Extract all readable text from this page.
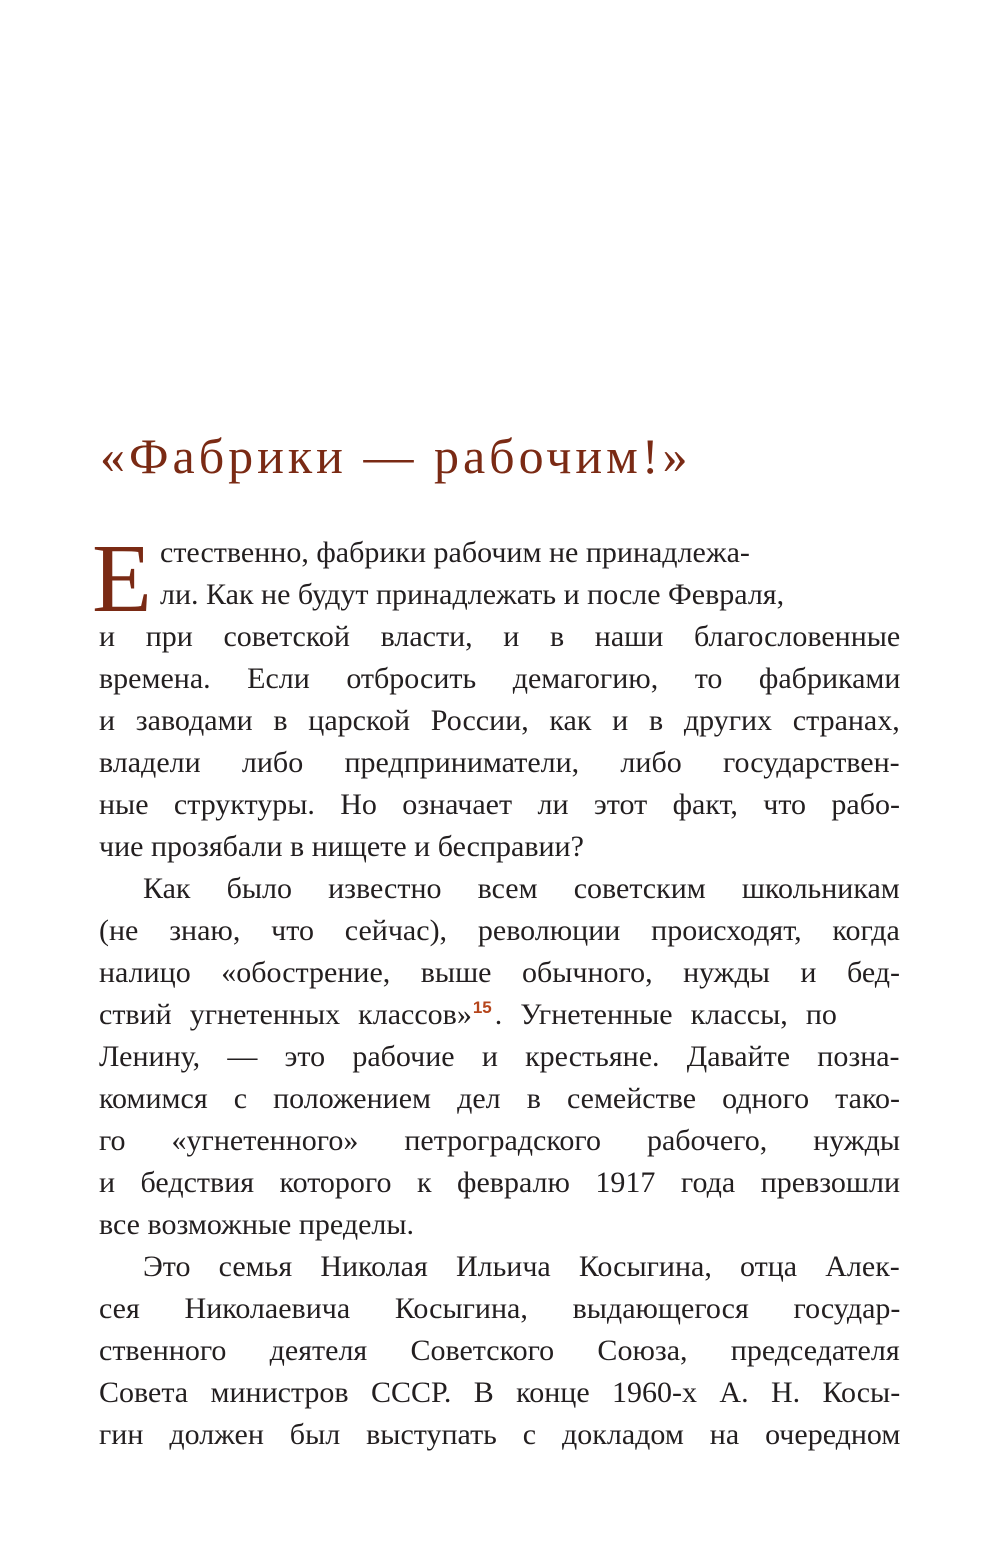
«Фабрики — рабочим!»
Е стественно, фабрики рабочим не принадлежа-
ли. Как не будут принадлежать и после Февраля,
и при советской власти, и в наши благословенные
времена. Если отбросить демагогию, то фабриками
и заводами в царской России, как и в других странах,
владели либо предприниматели, либо государствен-
ные структуры. Но означает ли этот факт, что рабо-
чие прозябали в нищете и бесправии?
Как было известно всем советским школьникам
(не знаю, что сейчас), революции происходят, когда
налицо «обострение, выше обычного, нужды и бед-
ствий угнетенных классов»$^{15}$ . Угнетенные классы, по
Ленину, — это рабочие и крестьяне. Давайте позна-
комимся с положением дел в семействе одного тако-
го «угнетенного» петроградского рабочего, нужды
и бедствия которого к февралю 1917 года превзошли
все возможные пределы.
Это семья Николая Ильича Косыгина, отца Алек-
сея Николаевича Косыгина, выдающегося государ-
ственного деятеля Советского Союза, председателя
Совета министров СССР. В конце 1960-х А. Н. Косы-
гин должен был выступать с докладом на очередном
